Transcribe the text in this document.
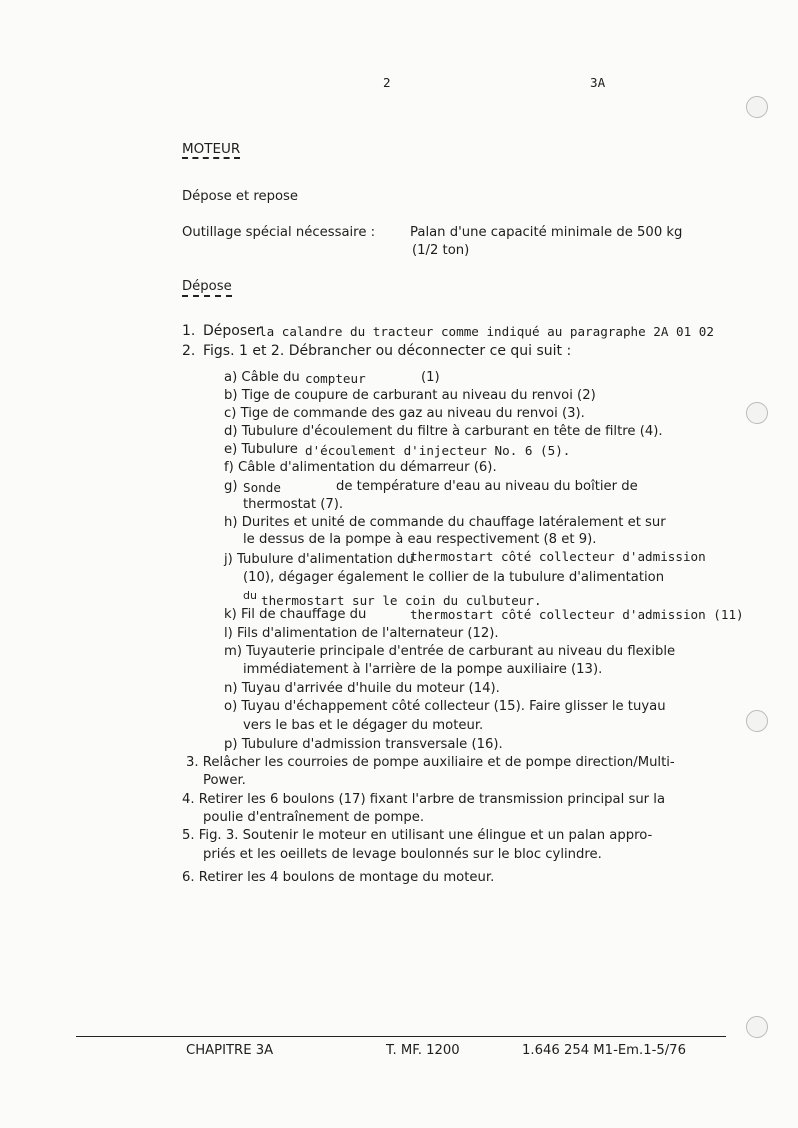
2	3A
MOTEUR
Dépose et repose
Outillage spécial nécessaire :	Palan d'une capacité minimale de 500 kg
(1/2 ton)
Dépose
1. Déposer
la calandre du tracteur comme indiqué au paragraphe 2A 01 02
2. Figs. 1 et 2. Débrancher ou déconnecter ce qui suit :
a) Câble du compteur	(1)
b) Tige de coupure de carburant au niveau du renvoi (2)
c) Tige de commande des gaz au niveau du renvoi (3).
d) Tubulure d'écoulement du filtre à carburant en tête de filtre (4).
e) Tubulure d'écoulement d'injecteur No. 6 (5).
f) Câble d'alimentation du démarreur (6).
g) Sonde	de température d'eau au niveau du boîtier de
thermostat (7).
h) Durites et unité de commande du chauffage latéralement et sur
le dessus de la pompe à eau respectivement (8 et 9).
j) Tubulure d'alimentation du
thermostart côté collecteur d'admission
(10), dégager également le collier de la tubulure d'alimentation
du thermostart sur le coin du culbuteur.
k) Fil de chauffage du	thermostart côté collecteur d'admission (11)
l) Fils d'alimentation de l'alternateur (12).
m) Tuyauterie principale d'entrée de carburant au niveau du flexible
immédiatement à l'arrière de la pompe auxiliaire (13).
n) Tuyau d'arrivée d'huile du moteur (14).
o) Tuyau d'échappement côté collecteur (15). Faire glisser le tuyau
vers le bas et le dégager du moteur.
p) Tubulure d'admission transversale (16).
3. Relâcher les courroies de pompe auxiliaire et de pompe direction/Multi-
Power.
4. Retirer les 6 boulons (17) fixant l'arbre de transmission principal sur la
poulie d'entraînement de pompe.
5. Fig. 3. Soutenir le moteur en utilisant une élingue et un palan appro-
priés et les oeillets de levage boulonnés sur le bloc cylindre.
6. Retirer les 4 boulons de montage du moteur.
CHAPITRE 3A	T. MF. 1200	1.646 254 M1-Em.1-5/76
